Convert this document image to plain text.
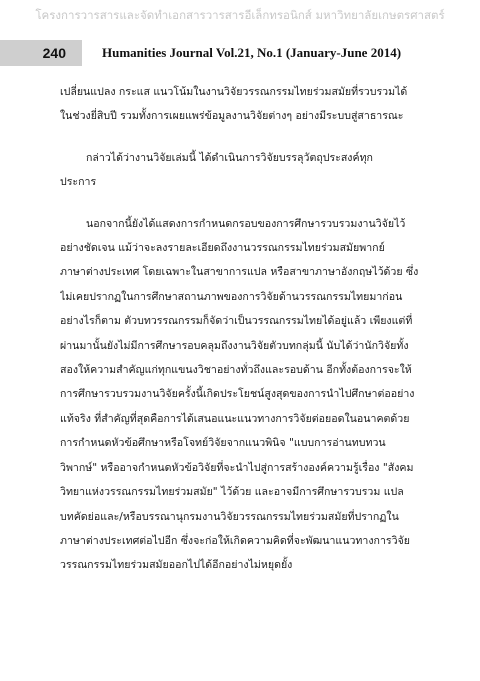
โครงการวารสารและจัดทำเอกสารวารสารอีเล็กทรอนิกส์ มหาวิทยาลัยเกษตรศาสตร์
240	Humanities Journal Vol.21, No.1 (January-June 2014)
เปลี่ยนแปลง กระแส แนวโน้มในงานวิจัยวรรณกรรมไทยร่วมสมัยที่รวบรวมได้
ในช่วงยี่สิบปี รวมทั้งการเผยแพร่ข้อมูลงานวิจัยต่างๆ อย่างมีระบบสู่สาธารณะ
กล่าวได้ว่างานวิจัยเล่มนี้ ได้ดำเนินการวิจัยบรรลุวัตถุประสงค์ทุก
ประการ
นอกจากนี้ยังได้แสดงการกำหนดกรอบของการศึกษารวบรวมงานวิจัยไว้
อย่างชัดเจน แม้ว่าจะลงรายละเอียดถึงงานวรรณกรรมไทยร่วมสมัยพากย์
ภาษาต่างประเทศ โดยเฉพาะในสาขาการแปล หรือสาขาภาษาอังกฤษไว้ด้วย ซึ่ง
ไม่เคยปรากฏในการศึกษาสถานภาพของการวิจัยด้านวรรณกรรมไทยมาก่อน
อย่างไรก็ตาม ตัวบทวรรณกรรมก็จัดว่าเป็นวรรณกรรมไทยได้อยู่แล้ว เพียงแต่ที่
ผ่านมานั้นยังไม่มีการศึกษารอบคลุมถึงงานวิจัยตัวบทกลุ่มนี้ นับได้ว่านักวิจัยทั้ง
สองให้ความสำคัญแก่ทุกแขนงวิชาอย่างทั่วถึงและรอบด้าน อีกทั้งต้องการจะให้
การศึกษารวบรวมงานวิจัยครั้งนี้เกิดประโยชน์สูงสุดของการนำไปศึกษาต่ออย่าง
แท้จริง ที่สำคัญที่สุดคือการได้เสนอแนะแนวทางการวิจัยต่อยอดในอนาคตด้วย
การกำหนดหัวข้อศึกษาหรือโจทย์วิจัยจากแนวพินิจ "แบบการอ่านทบทวน
วิพากษ์" หรืออาจกำหนดหัวข้อวิจัยที่จะนำไปสู่การสร้างองค์ความรู้เรื่อง "สังคม
วิทยาแห่งวรรณกรรมไทยร่วมสมัย" ไว้ด้วย และอาจมีการศึกษารวบรวม แปล
บทคัดย่อและ/หรือบรรณานุกรมงานวิจัยวรรณกรรมไทยร่วมสมัยที่ปรากฏใน
ภาษาต่างประเทศต่อไปอีก ซึ่งจะก่อให้เกิดความคิดที่จะพัฒนาแนวทางการวิจัย
วรรณกรรมไทยร่วมสมัยออกไปได้อีกอย่างไม่หยุดยั้ง
